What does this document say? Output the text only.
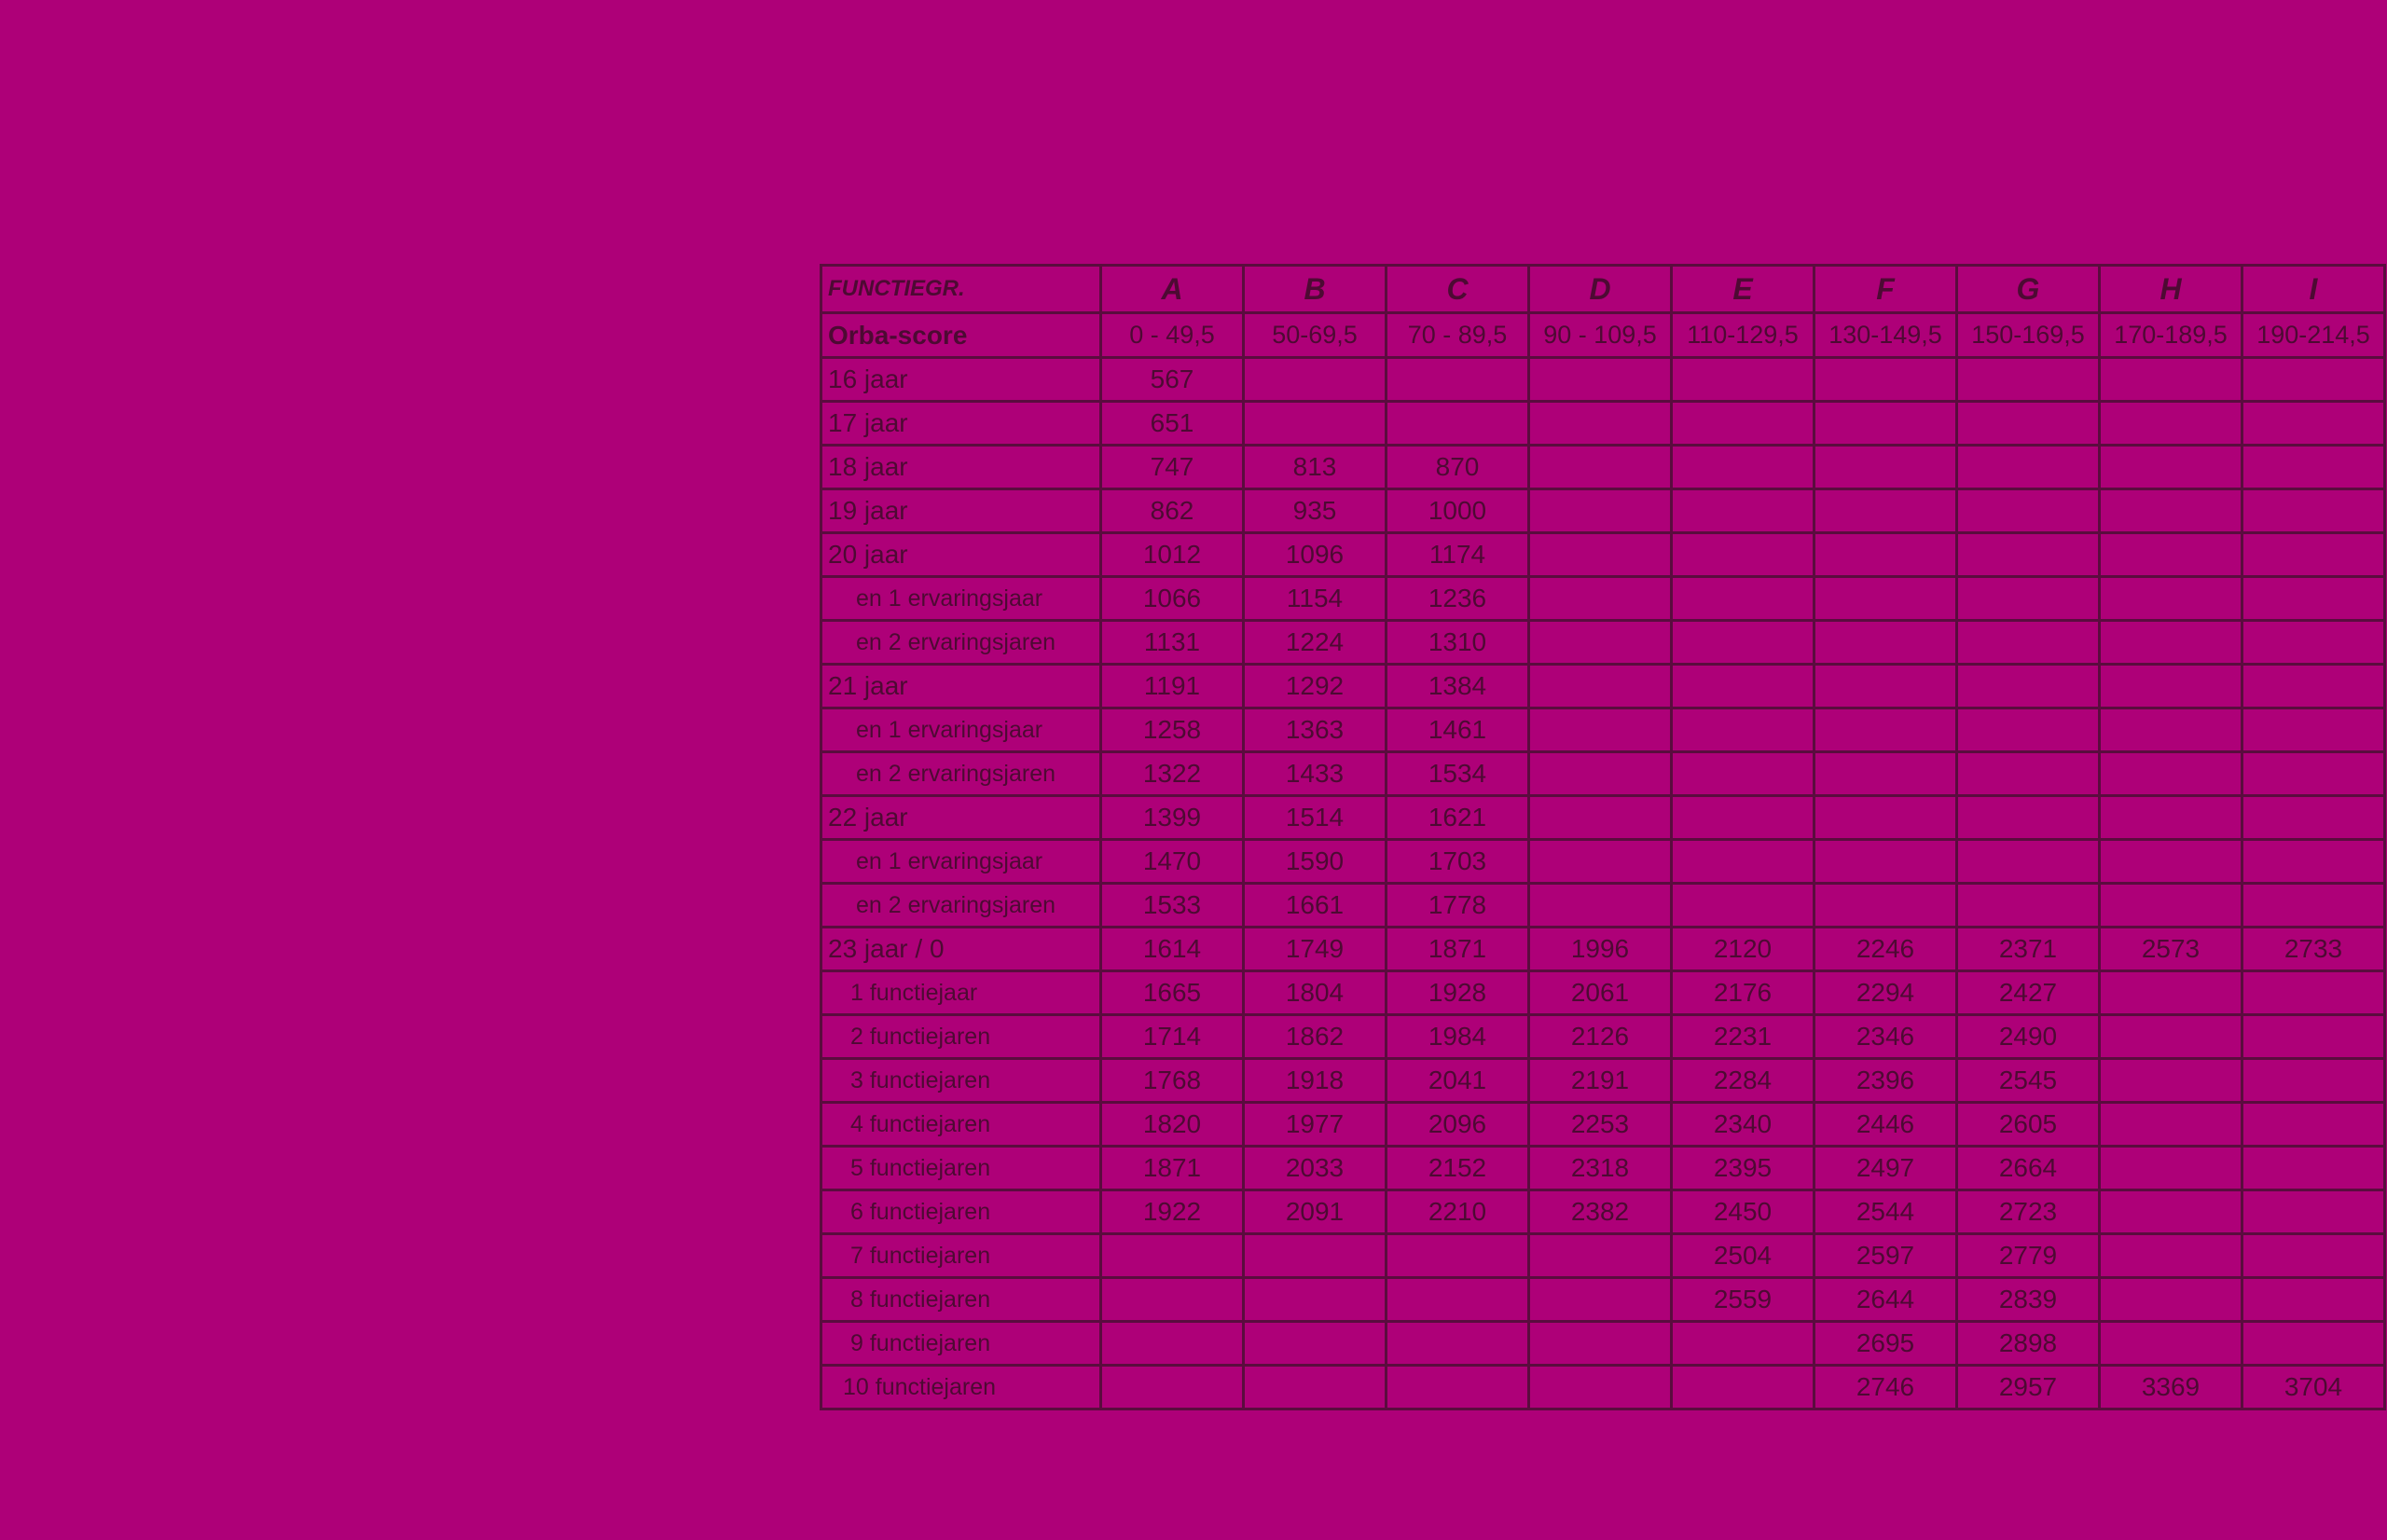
FUNCTIEGR.	A	B	C	D	E	F	G	H	I
Orba-score	0 - 49,5	50-69,5	70 - 89,5	90 - 109,5	110-129,5	130-149,5	150-169,5	170-189,5	190-214,5
16 jaar	567								
17 jaar	651								
18 jaar	747	813	870						
19 jaar	862	935	1000						
20 jaar	1012	1096	1174						
en 1 ervaringsjaar	1066	1154	1236						
en 2 ervaringsjaren	1131	1224	1310						
21 jaar	1191	1292	1384						
en 1 ervaringsjaar	1258	1363	1461						
en 2 ervaringsjaren	1322	1433	1534						
22 jaar	1399	1514	1621						
en 1 ervaringsjaar	1470	1590	1703						
en 2 ervaringsjaren	1533	1661	1778						
23 jaar / 0	1614	1749	1871	1996	2120	2246	2371	2573	2733
1 functiejaar	1665	1804	1928	2061	2176	2294	2427		
2 functiejaren	1714	1862	1984	2126	2231	2346	2490		
3 functiejaren	1768	1918	2041	2191	2284	2396	2545		
4 functiejaren	1820	1977	2096	2253	2340	2446	2605		
5 functiejaren	1871	2033	2152	2318	2395	2497	2664		
6 functiejaren	1922	2091	2210	2382	2450	2544	2723		
7 functiejaren					2504	2597	2779		
8 functiejaren					2559	2644	2839		
9 functiejaren						2695	2898		
10 functiejaren						2746	2957	3369	3704
